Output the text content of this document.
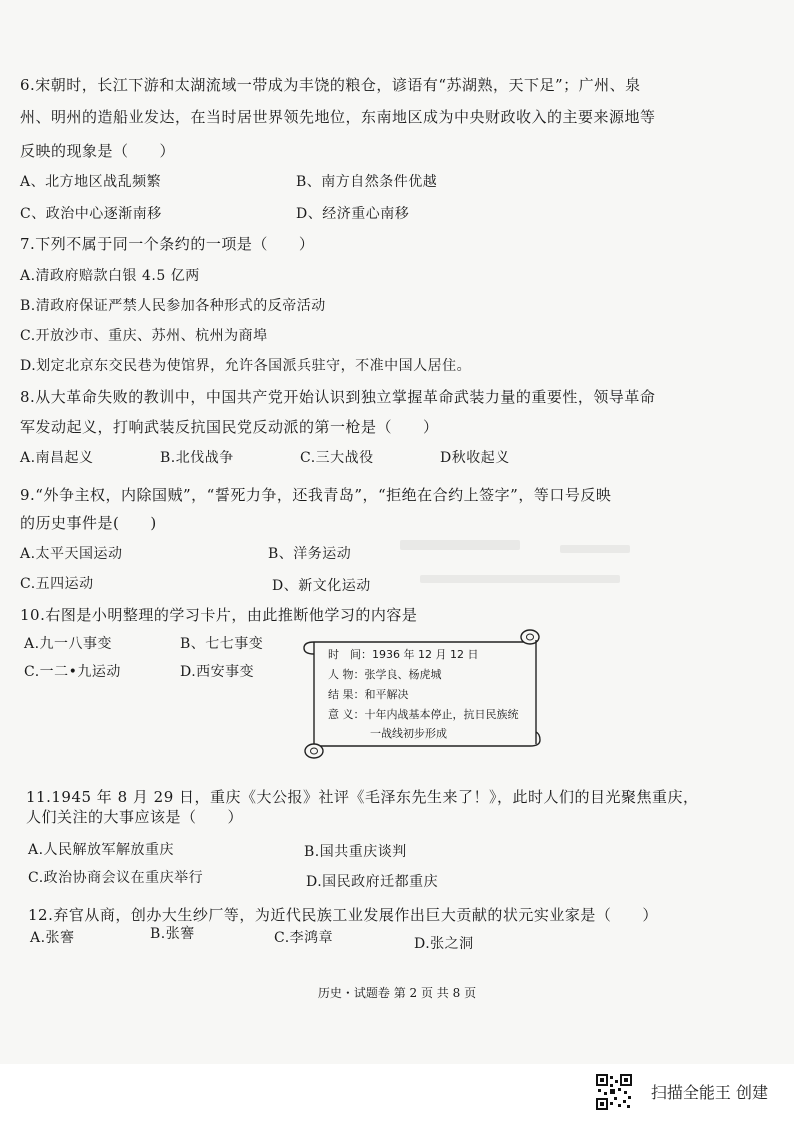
6.宋朝时，长江下游和太湖流域一带成为丰饶的粮仓，谚语有“苏湖熟，天下足”；广州、泉
州、明州的造船业发达，在当时居世界领先地位，东南地区成为中央财政收入的主要来源地等
反映的现象是（　　）
A、北方地区战乱频繁	B、南方自然条件优越
C、政治中心逐渐南移	D、经济重心南移
7.下列不属于同一个条约的一项是（　　）
A.清政府赔款白银 4.5 亿两
B.清政府保证严禁人民参加各种形式的反帝活动
C.开放沙市、重庆、苏州、杭州为商埠
D.划定北京东交民巷为使馆界，允许各国派兵驻守，不准中国人居住。
8.从大革命失败的教训中，中国共产党开始认识到独立掌握革命武装力量的重要性，领导革命
军发动起义，打响武装反抗国民党反动派的第一枪是（　　）
A.南昌起义	B.北伐战争	C.三大战役	D秋收起义
9.“外争主权，内除国贼”，“誓死力争，还我青岛”，“拒绝在合约上签字”，等口号反映
的历史事件是(　　)
A.太平天国运动	B、洋务运动
C.五四运动	D、新文化运动
10.右图是小明整理的学习卡片，由此推断他学习的内容是
A.九一八事变	B、七七事变
C.一二•九运动	D.西安事变
时　间：1936 年 12 月 12 日
人 物：张学良、杨虎城
结 果：和平解决
意 义：十年内战基本停止，抗日民族统
一战线初步形成
11.1945 年 8 月 29 日，重庆《大公报》社评《毛泽东先生来了！》，此时人们的目光聚焦重庆，
人们关注的大事应该是（　　）
A.人民解放军解放重庆	B.国共重庆谈判
C.政治协商会议在重庆举行	D.国民政府迁都重庆
12.弃官从商，创办大生纱厂等，为近代民族工业发展作出巨大贡献的状元实业家是（　　）
A.张謇	B.张謇	C.李鸿章	D.张之洞
历史・试题卷 第 2 页 共 8 页
扫描全能王 创建
